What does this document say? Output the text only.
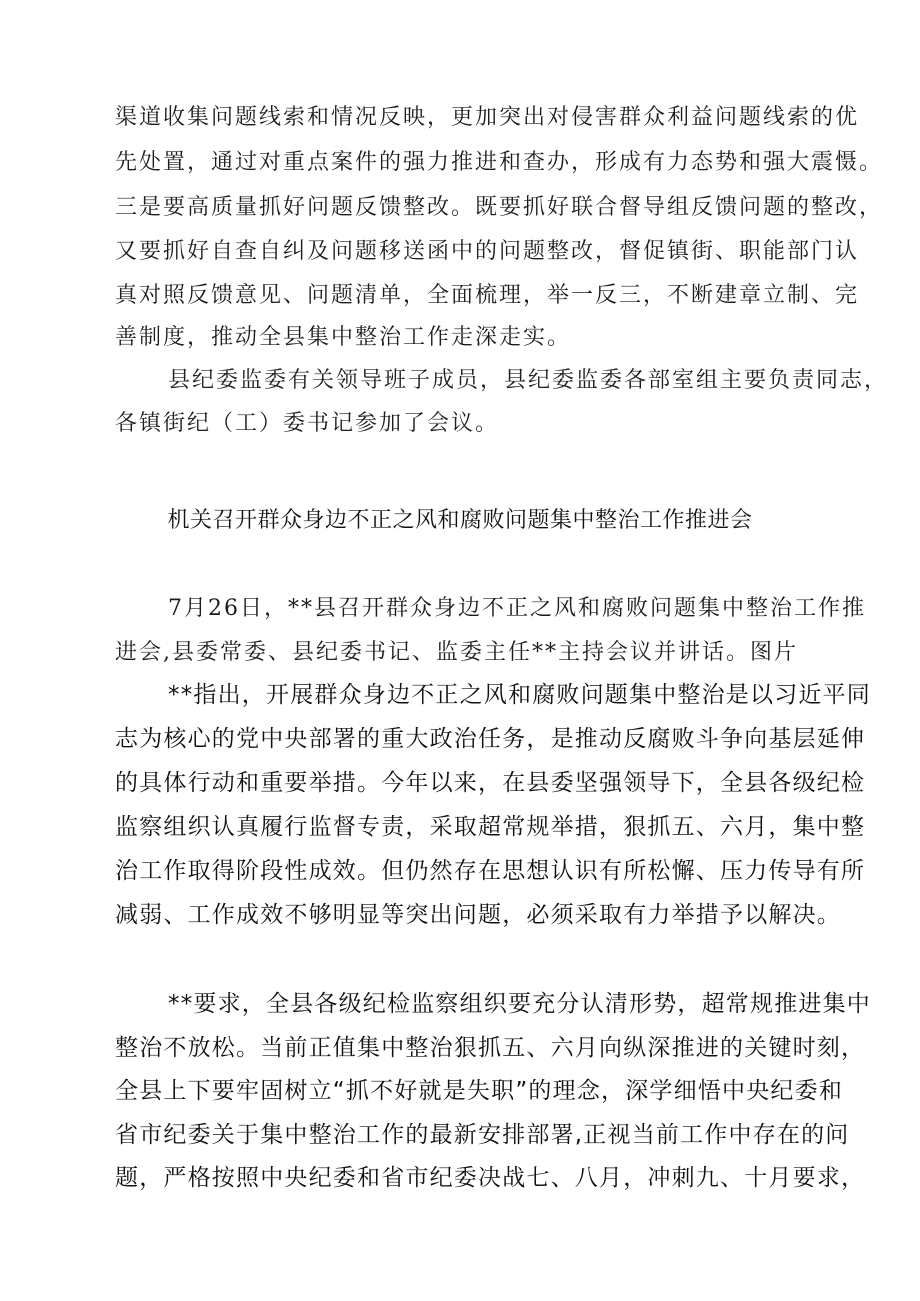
渠道收集问题线索和情况反映，更加突出对侵害群众利益问题线索的优
先处置，通过对重点案件的强力推进和查办，形成有力态势和强大震慑。
三是要高质量抓好问题反馈整改。既要抓好联合督导组反馈问题的整改，
又要抓好自查自纠及问题移送函中的问题整改，督促镇街、职能部门认
真对照反馈意见、问题清单，全面梳理，举一反三，不断建章立制、完
善制度，推动全县集中整治工作走深走实。
县纪委监委有关领导班子成员，县纪委监委各部室组主要负责同志，
各镇街纪（工）委书记参加了会议。
机关召开群众身边不正之风和腐败问题集中整治工作推进会
7月26日，**县召开群众身边不正之风和腐败问题集中整治工作推
进会,县委常委、县纪委书记、监委主任**主持会议并讲话。图片
**指出，开展群众身边不正之风和腐败问题集中整治是以习近平同
志为核心的党中央部署的重大政治任务，是推动反腐败斗争向基层延伸
的具体行动和重要举措。今年以来，在县委坚强领导下，全县各级纪检
监察组织认真履行监督专责，采取超常规举措，狠抓五、六月，集中整
治工作取得阶段性成效。但仍然存在思想认识有所松懈、压力传导有所
减弱、工作成效不够明显等突出问题，必须采取有力举措予以解决。
**要求，全县各级纪检监察组织要充分认清形势，超常规推进集中
整治不放松。当前正值集中整治狠抓五、六月向纵深推进的关键时刻，
全县上下要牢固树立“抓不好就是失职”的理念，深学细悟中央纪委和
省市纪委关于集中整治工作的最新安排部署,正视当前工作中存在的问
题，严格按照中央纪委和省市纪委决战七、八月，冲刺九、十月要求，
